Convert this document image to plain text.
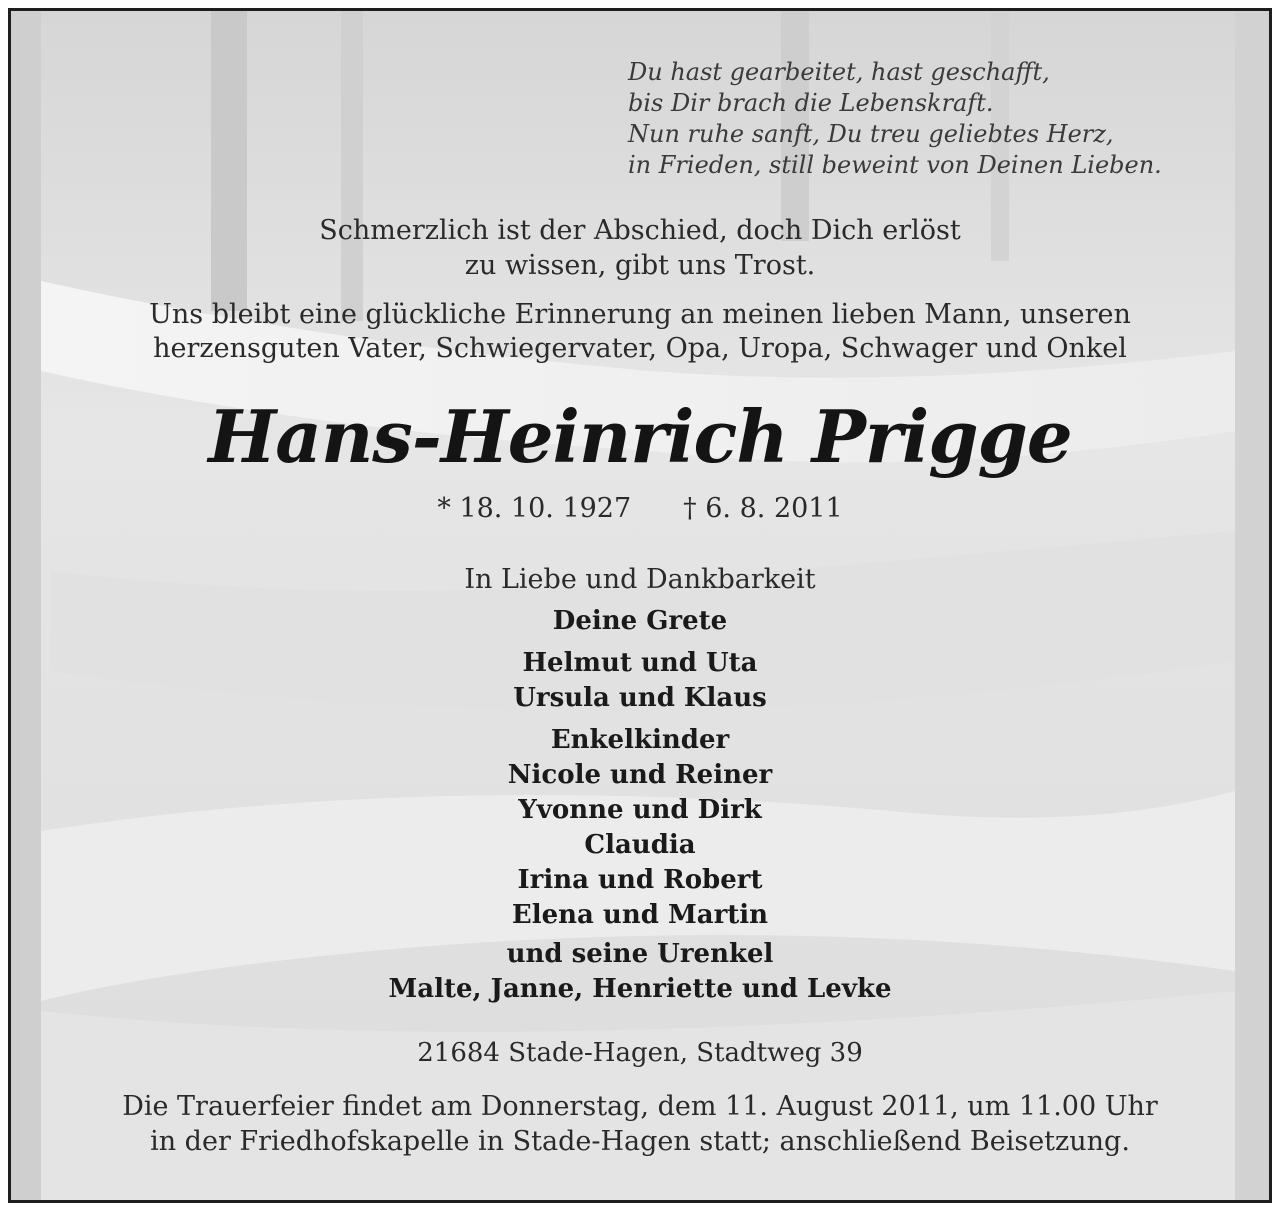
Du hast gearbeitet, hast geschafft,
bis Dir brach die Lebenskraft.
Nun ruhe sanft, Du treu geliebtes Herz,
in Frieden, still beweint von Deinen Lieben.
Schmerzlich ist der Abschied, doch Dich erlöst
zu wissen, gibt uns Trost.
Uns bleibt eine glückliche Erinnerung an meinen lieben Mann, unseren
herzensguten Vater, Schwiegervater, Opa, Uropa, Schwager und Onkel
Hans-Heinrich Prigge
* 18. 10. 1927 † 6. 8. 2011
In Liebe und Dankbarkeit
Deine Grete
Helmut und Uta
Ursula und Klaus
Enkelkinder
Nicole und Reiner
Yvonne und Dirk
Claudia
Irina und Robert
Elena und Martin
und seine Urenkel
Malte, Janne, Henriette und Levke
21684 Stade-Hagen, Stadtweg 39
Die Trauerfeier findet am Donnerstag, dem 11. August 2011, um 11.00 Uhr
in der Friedhofskapelle in Stade-Hagen statt; anschließend Beisetzung.
